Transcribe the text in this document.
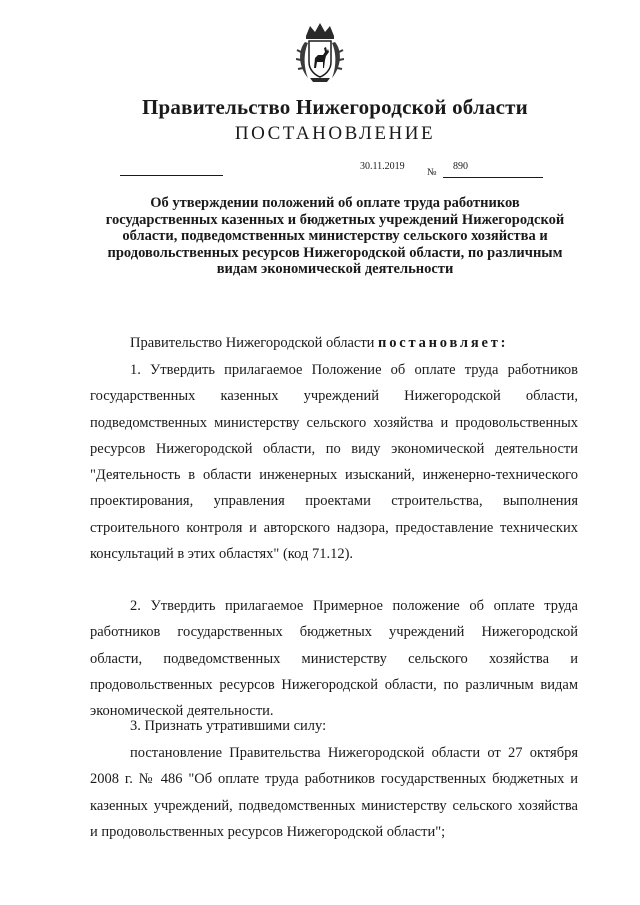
Правительство Нижегородской области
ПОСТАНОВЛЕНИЕ
30.11.2019
№
890
Об утверждении положений об оплате труда работников государственных казенных и бюджетных учреждений Нижегородской области, подведомственных министерству сельского хозяйства и продовольственных ресурсов Нижегородской области, по различным видам экономической деятельности

Правительство Нижегородской области постановляет:

1. Утвердить прилагаемое Положение об оплате труда работников государственных казенных учреждений Нижегородской области, подведомственных министерству сельского хозяйства и продовольственных ресурсов Нижегородской области, по виду экономической деятельности "Деятельность в области инженерных изысканий, инженерно-технического проектирования, управления проектами строительства, выполнения строительного контроля и авторского надзора, предоставление технических консультаций в этих областях" (код 71.12).

2. Утвердить прилагаемое Примерное положение об оплате труда работников государственных бюджетных учреждений Нижегородской области, подведомственных министерству сельского хозяйства и продовольственных ресурсов Нижегородской области, по различным видам экономической деятельности.

3. Признать утратившими силу:

постановление Правительства Нижегородской области от 27 октября 2008 г. № 486 "Об оплате труда работников государственных бюджетных и казенных учреждений, подведомственных министерству сельского хозяйства и продовольственных ресурсов Нижегородской области";
